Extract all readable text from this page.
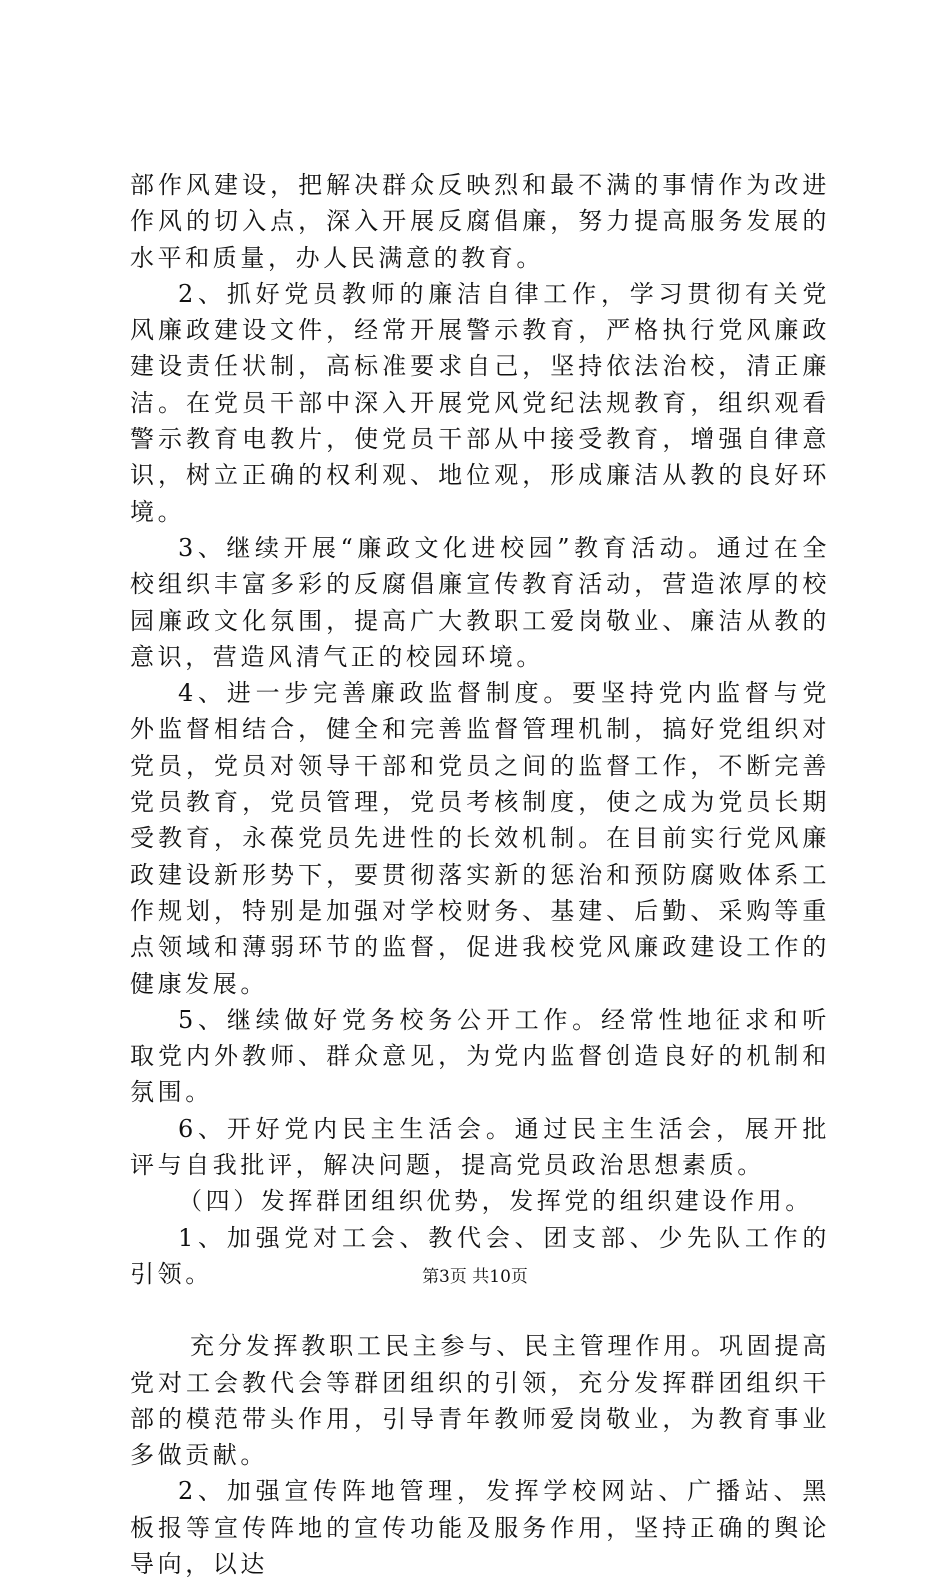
部作风建设，把解决群众反映烈和最不满的事情作为改进作风的切入点，深入开展反腐倡廉，努力提高服务发展的水平和质量，办人民满意的教育。

2、抓好党员教师的廉洁自律工作，学习贯彻有关党风廉政建设文件，经常开展警示教育，严格执行党风廉政建设责任状制，高标准要求自己，坚持依法治校，清正廉洁。在党员干部中深入开展党风党纪法规教育，组织观看警示教育电教片，使党员干部从中接受教育，增强自律意识，树立正确的权利观、地位观，形成廉洁从教的良好环境。

3、继续开展“廉政文化进校园”教育活动。通过在全校组织丰富多彩的反腐倡廉宣传教育活动，营造浓厚的校园廉政文化氛围，提高广大教职工爱岗敬业、廉洁从教的意识，营造风清气正的校园环境。

4、进一步完善廉政监督制度。要坚持党内监督与党外监督相结合，健全和完善监督管理机制，搞好党组织对党员，党员对领导干部和党员之间的监督工作，不断完善党员教育，党员管理，党员考核制度，使之成为党员长期受教育，永葆党员先进性的长效机制。在目前实行党风廉政建设新形势下，要贯彻落实新的惩治和预防腐败体系工作规划，特别是加强对学校财务、基建、后勤、采购等重点领域和薄弱环节的监督，促进我校党风廉政建设工作的健康发展。

5、继续做好党务校务公开工作。经常性地征求和听取党内外教师、群众意见，为党内监督创造良好的机制和氛围。

6、开好党内民主生活会。通过民主生活会，展开批评与自我批评，解决问题，提高党员政治思想素质。

（四）发挥群团组织优势，发挥党的组织建设作用。

1、加强党对工会、教代会、团支部、少先队工作的引领。

充分发挥教职工民主参与、民主管理作用。巩固提高党对工会教代会等群团组织的引领，充分发挥群团组织干部的模范带头作用，引导青年教师爱岗敬业，为教育事业多做贡献。

2、加强宣传阵地管理，发挥学校网站、广播站、黑板报等宣传阵地的宣传功能及服务作用，坚持正确的舆论导向，以达

第3页 共10页
